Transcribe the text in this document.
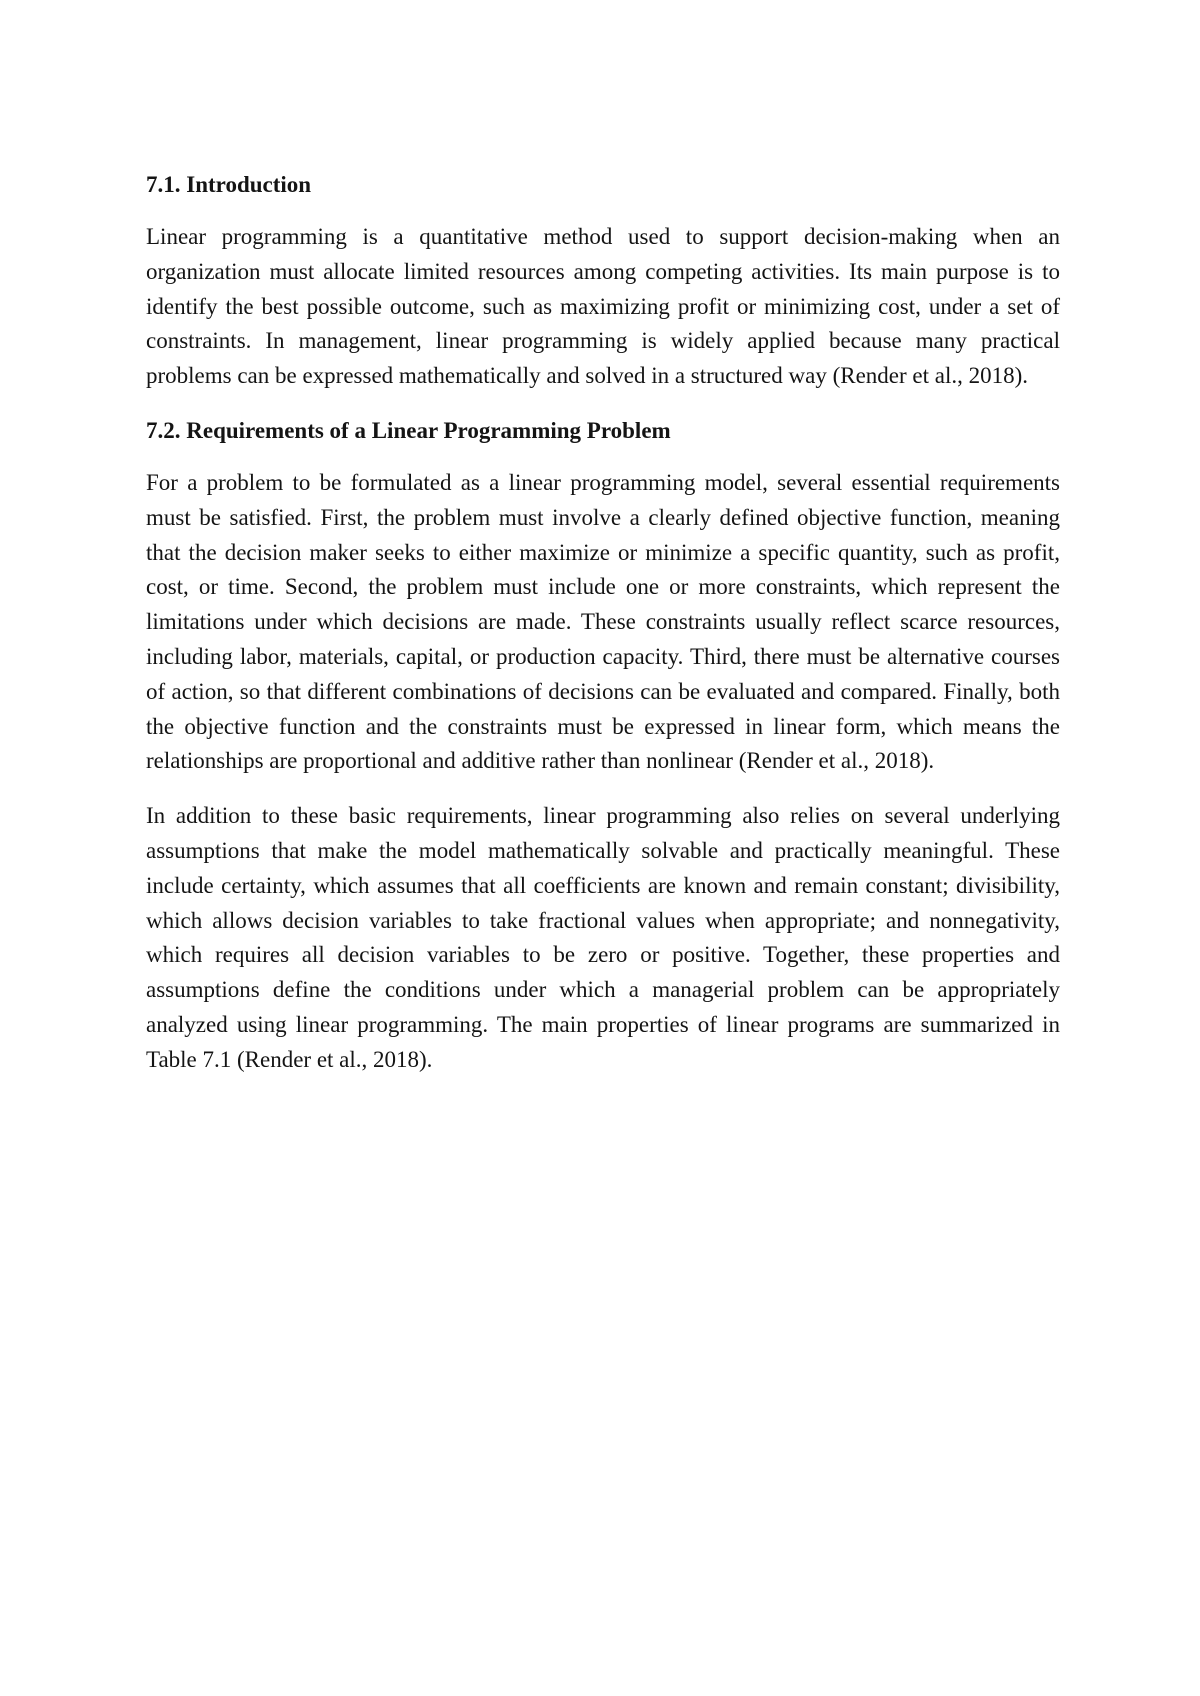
7.1. Introduction

Linear programming is a quantitative method used to support decision-making when an organization must allocate limited resources among competing activities. Its main purpose is to identify the best possible outcome, such as maximizing profit or minimizing cost, under a set of constraints. In management, linear programming is widely applied because many practical problems can be expressed mathematically and solved in a structured way (Render et al., 2018).

7.2. Requirements of a Linear Programming Problem

For a problem to be formulated as a linear programming model, several essential requirements must be satisfied. First, the problem must involve a clearly defined objective function, meaning that the decision maker seeks to either maximize or minimize a specific quantity, such as profit, cost, or time. Second, the problem must include one or more constraints, which represent the limitations under which decisions are made. These constraints usually reflect scarce resources, including labor, materials, capital, or production capacity. Third, there must be alternative courses of action, so that different combinations of decisions can be evaluated and compared. Finally, both the objective function and the constraints must be expressed in linear form, which means the relationships are proportional and additive rather than nonlinear (Render et al., 2018).

In addition to these basic requirements, linear programming also relies on several underlying assumptions that make the model mathematically solvable and practically meaningful. These include certainty, which assumes that all coefficients are known and remain constant; divisibility, which allows decision variables to take fractional values when appropriate; and nonnegativity, which requires all decision variables to be zero or positive. Together, these properties and assumptions define the conditions under which a managerial problem can be appropriately analyzed using linear programming. The main properties of linear programs are summarized in Table 7.1 (Render et al., 2018).
